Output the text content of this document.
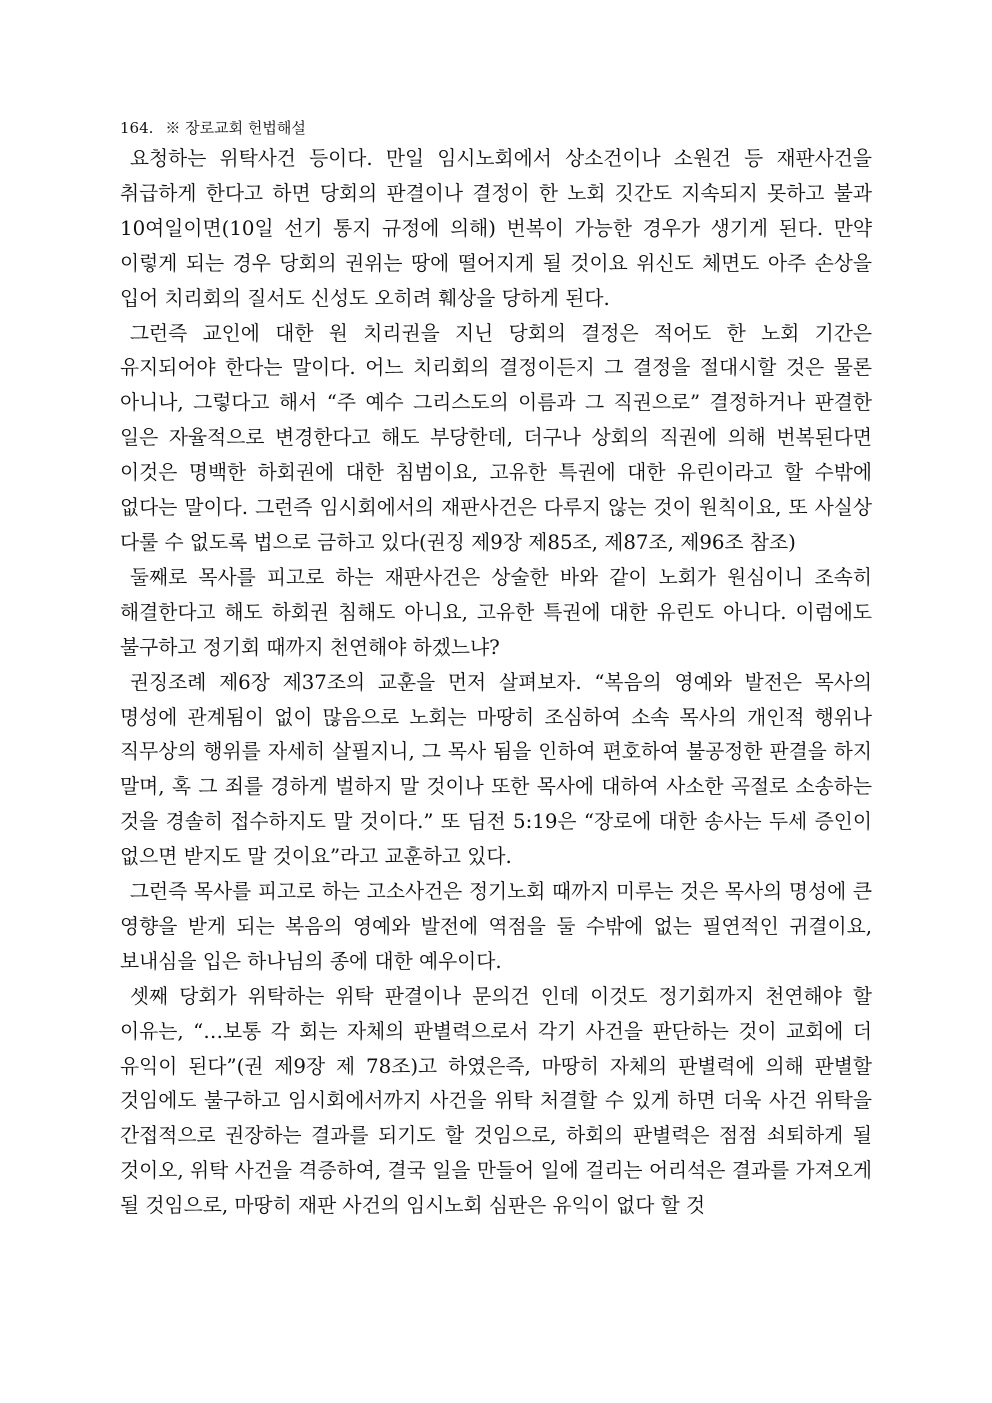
164. ※ 장로교회 헌법해설

요청하는 위탁사건 등이다. 만일 임시노회에서 상소건이나 소원건 등 재판사건을 취급하게 한다고 하면 당회의 판결이나 결정이 한 노회 깃간도 지속되지 못하고 불과 10여일이면(10일 선기 통지 규정에 의해) 번복이 가능한 경우가 생기게 된다. 만약 이렇게 되는 경우 당회의 권위는 땅에 떨어지게 될 것이요 위신도 체면도 아주 손상을 입어 치리회의 질서도 신성도 오히려 훼상을 당하게 된다.

그런즉 교인에 대한 원 치리권을 지닌 당회의 결정은 적어도 한 노회 기간은 유지되어야 한다는 말이다. 어느 치리회의 결정이든지 그 결정을 절대시할 것은 물론 아니나, 그렇다고 해서 “주 예수 그리스도의 이름과 그 직권으로” 결정하거나 판결한 일은 자율적으로 변경한다고 해도 부당한데, 더구나 상회의 직권에 의해 번복된다면 이것은 명백한 하회권에 대한 침범이요, 고유한 특권에 대한 유린이라고 할 수밖에 없다는 말이다. 그런즉 임시회에서의 재판사건은 다루지 않는 것이 원칙이요, 또 사실상 다룰 수 없도록 법으로 금하고 있다(권징 제9장 제85조, 제87조, 제96조 참조)

둘째로 목사를 피고로 하는 재판사건은 상술한 바와 같이 노회가 원심이니 조속히 해결한다고 해도 하회권 침해도 아니요, 고유한 특권에 대한 유린도 아니다. 이럼에도 불구하고 정기회 때까지 천연해야 하겠느냐?

권징조례 제6장 제37조의 교훈을 먼저 살펴보자. “복음의 영예와 발전은 목사의 명성에 관계됨이 없이 많음으로 노회는 마땅히 조심하여 소속 목사의 개인적 행위나 직무상의 행위를 자세히 살필지니, 그 목사 됨을 인하여 편호하여 불공정한 판결을 하지 말며, 혹 그 죄를 경하게 벌하지 말 것이나 또한 목사에 대하여 사소한 곡절로 소송하는 것을 경솔히 접수하지도 말 것이다.” 또 딤전 5:19은 “장로에 대한 송사는 두세 증인이 없으면 받지도 말 것이요”라고 교훈하고 있다.

그런즉 목사를 피고로 하는 고소사건은 정기노회 때까지 미루는 것은 목사의 명성에 큰 영향을 받게 되는 복음의 영예와 발전에 역점을 둘 수밖에 없는 필연적인 귀결이요, 보내심을 입은 하나님의 종에 대한 예우이다.

셋째 당회가 위탁하는 위탁 판결이나 문의건 인데 이것도 정기회까지 천연해야 할 이유는, “…보통 각 회는 자체의 판별력으로서 각기 사건을 판단하는 것이 교회에 더 유익이 된다”(권 제9장 제 78조)고 하였은즉, 마땅히 자체의 판별력에 의해 판별할 것임에도 불구하고 임시회에서까지 사건을 위탁 처결할 수 있게 하면 더욱 사건 위탁을 간접적으로 권장하는 결과를 되기도 할 것임으로, 하회의 판별력은 점점 쇠퇴하게 될 것이오, 위탁 사건을 격증하여, 결국 일을 만들어 일에 걸리는 어리석은 결과를 가져오게 될 것임으로, 마땅히 재판 사건의 임시노회 심판은 유익이 없다 할 것
